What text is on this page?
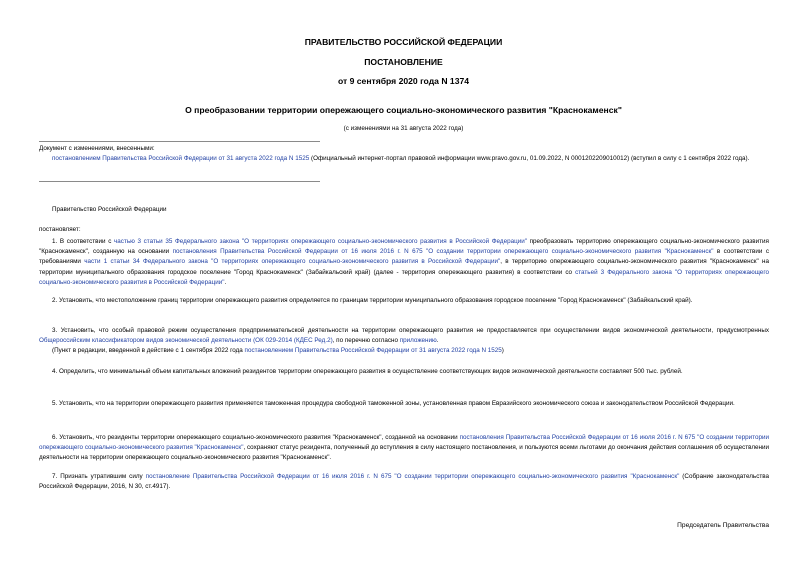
ПРАВИТЕЛЬСТВО РОССИЙСКОЙ ФЕДЕРАЦИИ
ПОСТАНОВЛЕНИЕ
от 9 сентября 2020 года N 1374
О преобразовании территории опережающего социально-экономического развития "Краснокаменск"
(с изменениями на 31 августа 2022 года)

Документ с изменениями, внесенными:

постановлением Правительства Российской Федерации от 31 августа 2022 года N 1525 (Официальный интернет-портал правовой информации www.pravo.gov.ru, 01.09.2022, N 0001202209010012) (вступил в силу с 1 сентября 2022 года).

Правительство Российской Федерации

постановляет:

1. В соответствии с частью 3 статьи 35 Федерального закона "О территориях опережающего социально-экономического развития в Российской Федерации" преобразовать территорию опережающего социально-экономического развития "Краснокаменск", созданную на основании постановления Правительства Российской Федерации от 16 июля 2016 г. N 675 "О создании территории опережающего социально-экономического развития "Краснокаменск" в соответствии с требованиями части 1 статьи 34 Федерального закона "О территориях опережающего социально-экономического развития в Российской Федерации", в территорию опережающего социально-экономического развития "Краснокаменск" на территории муниципального образования городское поселение "Город Краснокаменск" (Забайкальский край) (далее - территория опережающего развития) в соответствии со статьей 3 Федерального закона "О территориях опережающего социально-экономического развития в Российской Федерации".

2. Установить, что местоположение границ территории опережающего развития определяется по границам территории муниципального образования городское поселение "Город Краснокаменск" (Забайкальский край).

3. Установить, что особый правовой режим осуществления предпринимательской деятельности на территории опережающего развития не предоставляется при осуществлении видов экономической деятельности, предусмотренных Общероссийским классификатором видов экономической деятельности (ОК 029-2014 (КДЕС Ред.2), по перечню согласно приложению.

(Пункт в редакции, введенной в действие с 1 сентября 2022 года постановлением Правительства Российской Федерации от 31 августа 2022 года N 1525)

4. Определить, что минимальный объем капитальных вложений резидентов территории опережающего развития в осуществление соответствующих видов экономической деятельности составляет 500 тыс. рублей.

5. Установить, что на территории опережающего развития применяется таможенная процедура свободной таможенной зоны, установленная правом Евразийского экономического союза и законодательством Российской Федерации.

6. Установить, что резиденты территории опережающего социально-экономического развития "Краснокаменск", созданной на основании постановления Правительства Российской Федерации от 16 июля 2016 г. N 675 "О создании территории опережающего социально-экономического развития "Краснокаменск", сохраняют статус резидента, полученный до вступления в силу настоящего постановления, и пользуются всеми льготами до окончания действия соглашения об осуществлении деятельности на территории опережающего социально-экономического развития "Краснокаменск".

7. Признать утратившим силу постановление Правительства Российской Федерации от 16 июля 2016 г. N 675 "О создании территории опережающего социально-экономического развития "Краснокаменск" (Собрание законодательства Российской Федерации, 2016, N 30, ст.4917).

Председатель Правительства
